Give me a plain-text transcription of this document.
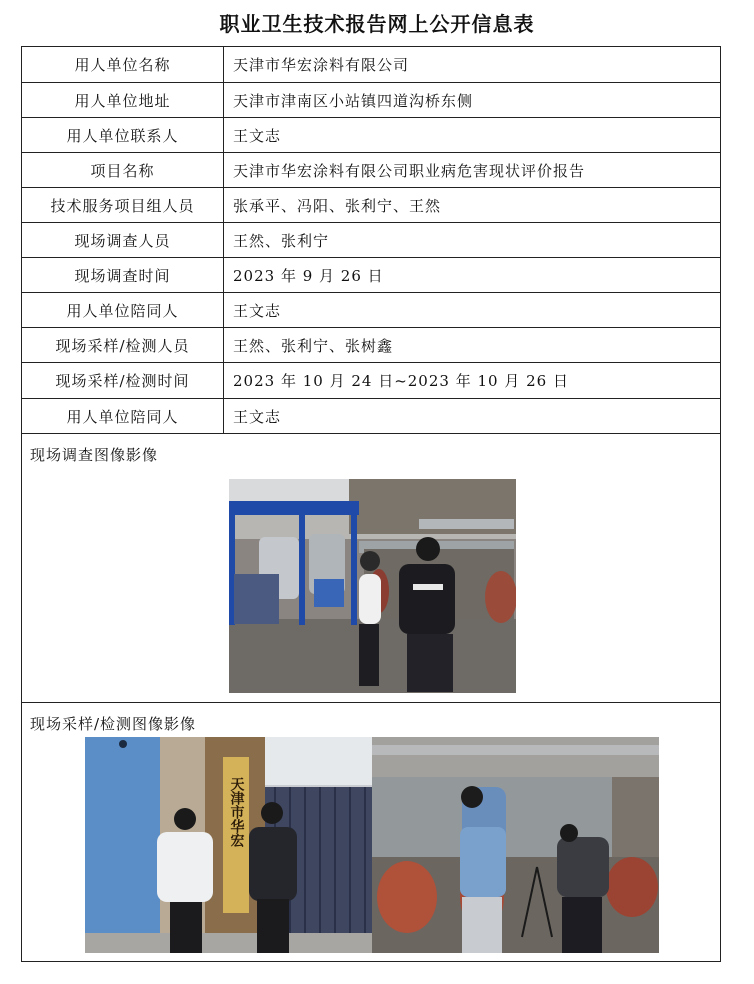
职业卫生技术报告网上公开信息表
用人单位名称	天津市华宏涂料有限公司
用人单位地址	天津市津南区小站镇四道沟桥东侧
用人单位联系人	王文志
项目名称	天津市华宏涂料有限公司职业病危害现状评价报告
技术服务项目组人员	张承平、冯阳、张利宁、王然
现场调查人员	王然、张利宁
现场调查时间	2023 年 9 月 26 日
用人单位陪同人	王文志
现场采样/检测人员	王然、张利宁、张树鑫
现场采样/检测时间	2023 年 10 月 24 日~2023 年 10 月 26 日
用人单位陪同人	王文志
现场调查图像影像
现场采样/检测图像影像
天津市华宏
